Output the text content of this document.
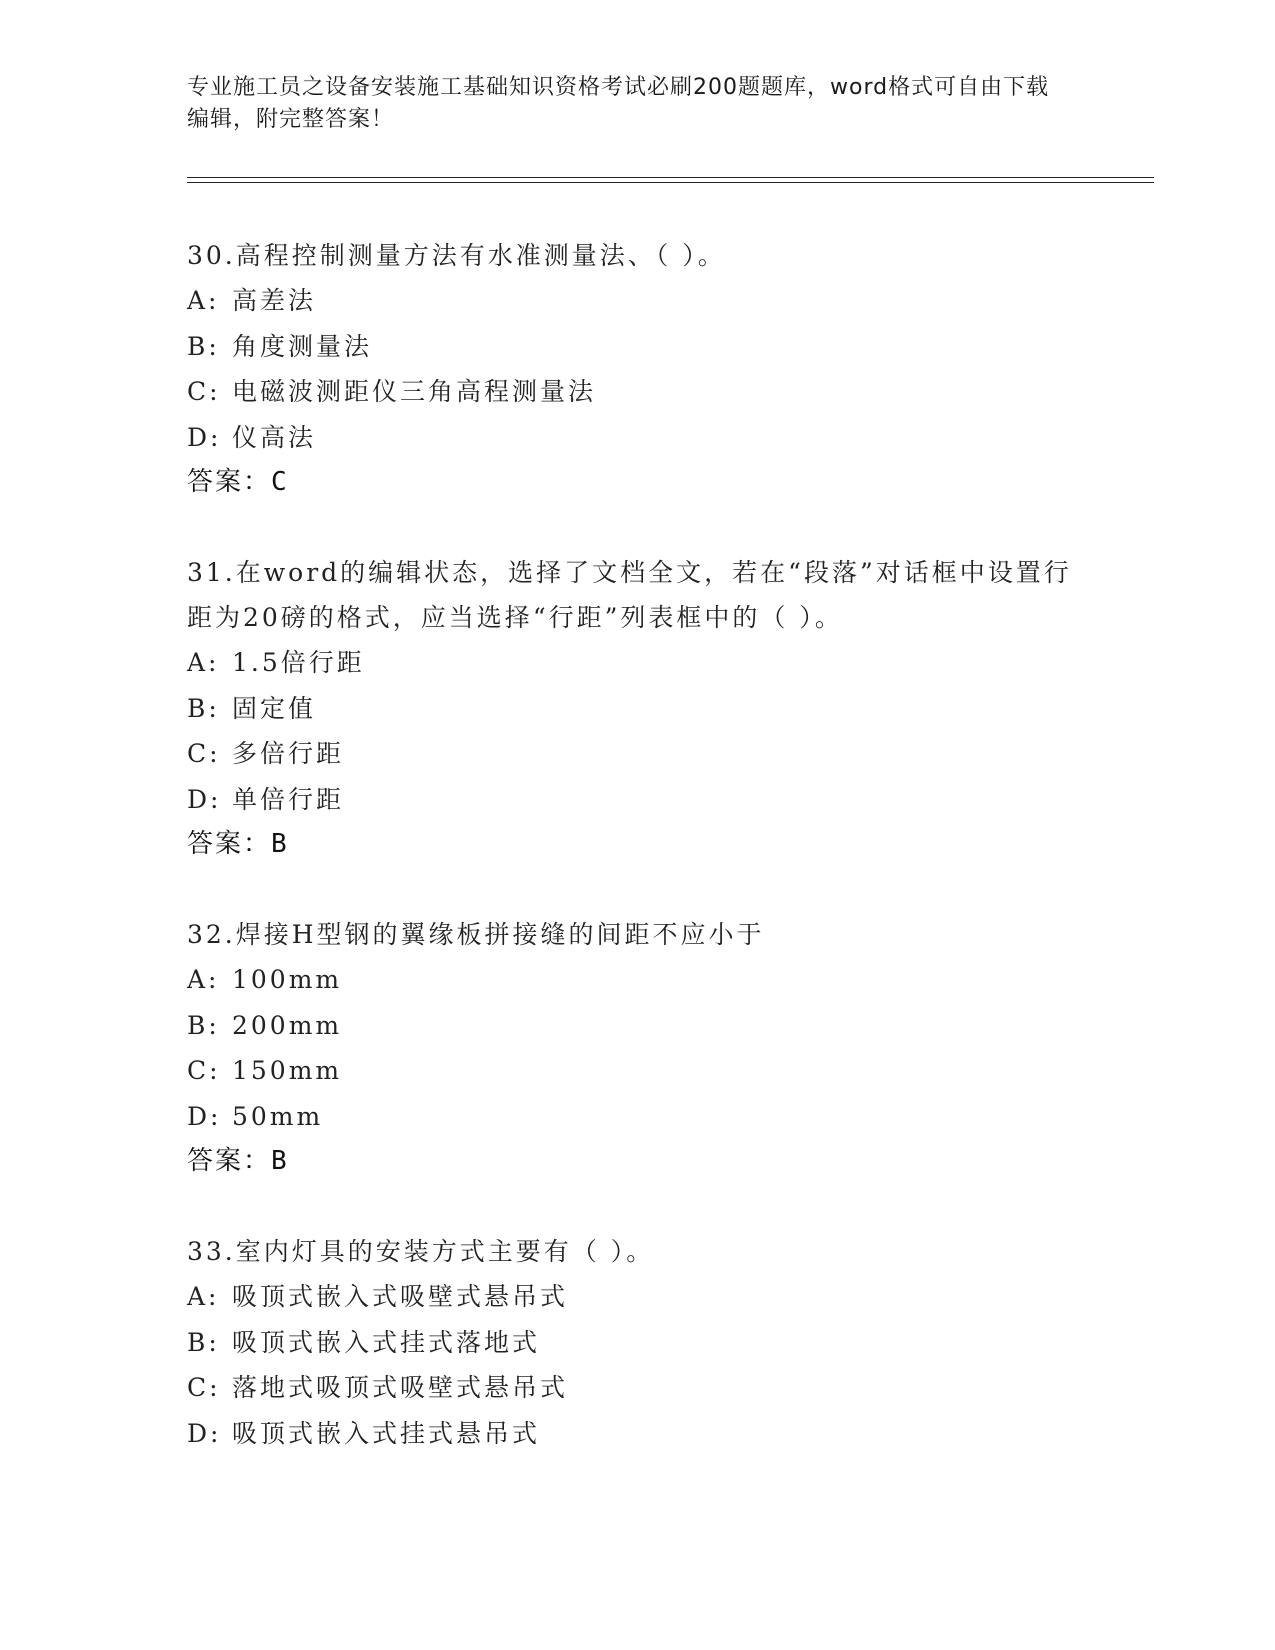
专业施工员之设备安装施工基础知识资格考试必刷200题题库，word格式可自由下载编辑，附完整答案！
30.高程控制测量方法有水准测量法、（ ）。
A: 高差法
B: 角度测量法
C: 电磁波测距仪三角高程测量法
D: 仪高法
答案：C
31.在word的编辑状态，选择了文档全文，若在“段落”对话框中设置行距为20磅的格式，应当选择“行距”列表框中的（ ）。
A: 1.5倍行距
B: 固定值
C: 多倍行距
D: 单倍行距
答案：B
32.焊接H型钢的翼缘板拼接缝的间距不应小于
A: 100mm
B: 200mm
C: 150mm
D: 50mm
答案：B
33.室内灯具的安装方式主要有（ ）。
A: 吸顶式嵌入式吸壁式悬吊式
B: 吸顶式嵌入式挂式落地式
C: 落地式吸顶式吸壁式悬吊式
D: 吸顶式嵌入式挂式悬吊式
